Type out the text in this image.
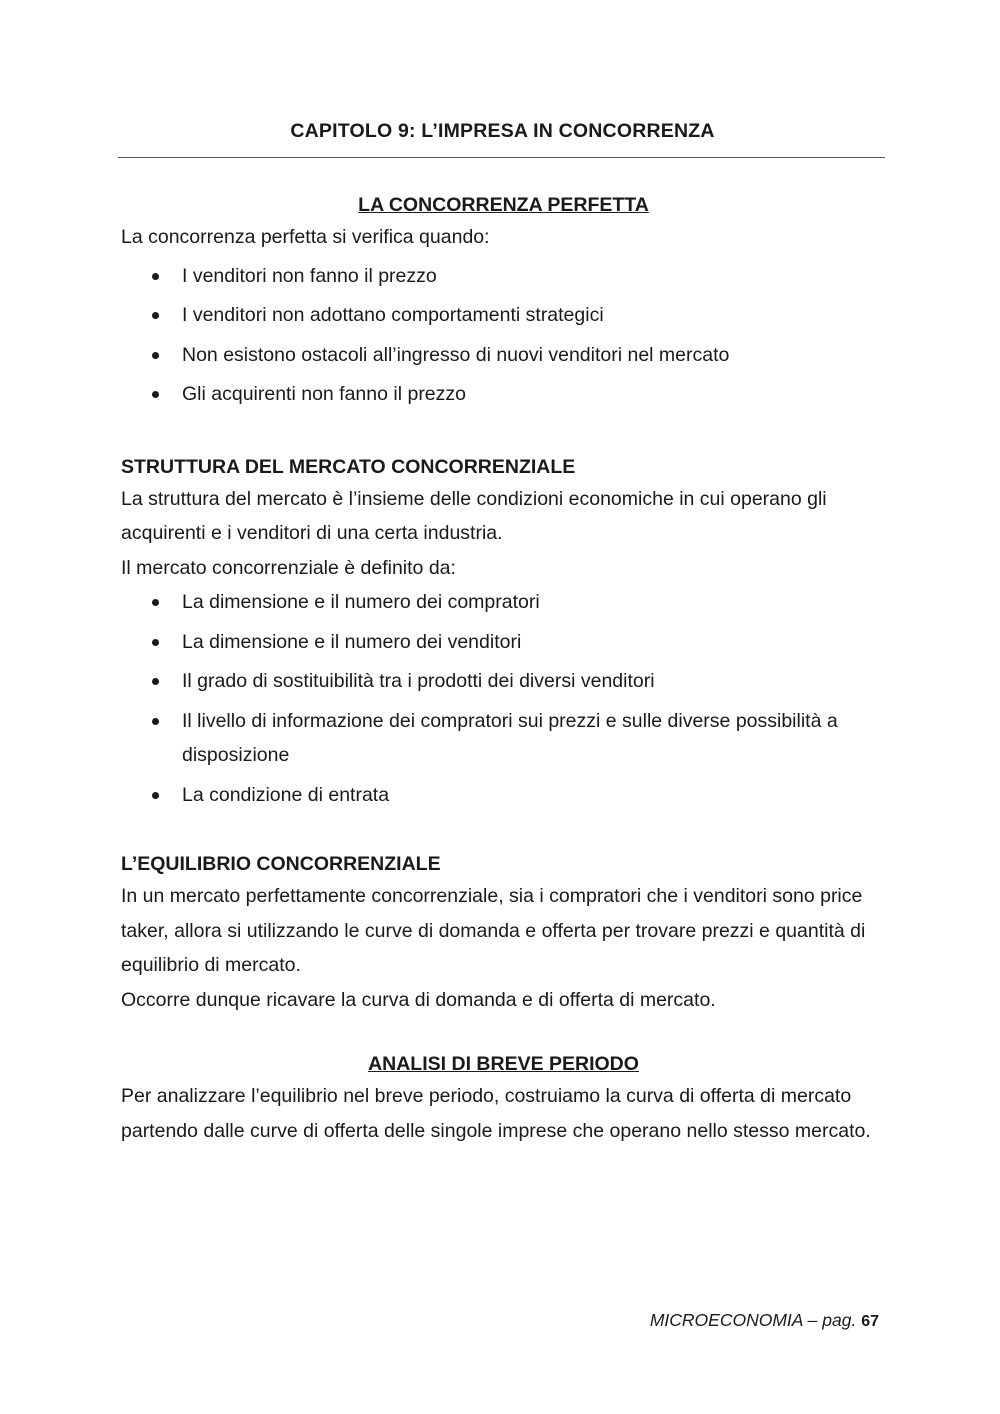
CAPITOLO 9: L’IMPRESA IN CONCORRENZA
LA CONCORRENZA PERFETTA

La concorrenza perfetta si verifica quando:

I venditori non fanno il prezzo
I venditori non adottano comportamenti strategici
Non esistono ostacoli all’ingresso di nuovi venditori nel mercato
Gli acquirenti non fanno il prezzo
STRUTTURA DEL MERCATO CONCORRENZIALE

La struttura del mercato è l’insieme delle condizioni economiche in cui operano gli acquirenti e i venditori di una certa industria.

Il mercato concorrenziale è definito da:

La dimensione e il numero dei compratori
La dimensione e il numero dei venditori
Il grado di sostituibilità tra i prodotti dei diversi venditori
Il livello di informazione dei compratori sui prezzi e sulle diverse possibilità a disposizione
La condizione di entrata
L’EQUILIBRIO CONCORRENZIALE

In un mercato perfettamente concorrenziale, sia i compratori che i venditori sono price taker, allora si utilizzando le curve di domanda e offerta per trovare prezzi e quantità di equilibrio di mercato.

Occorre dunque ricavare la curva di domanda e di offerta di mercato.

ANALISI DI BREVE PERIODO

Per analizzare l’equilibrio nel breve periodo, costruiamo la curva di offerta di mercato partendo dalle curve di offerta delle singole imprese che operano nello stesso mercato.

MICROECONOMIA – pag. 67
